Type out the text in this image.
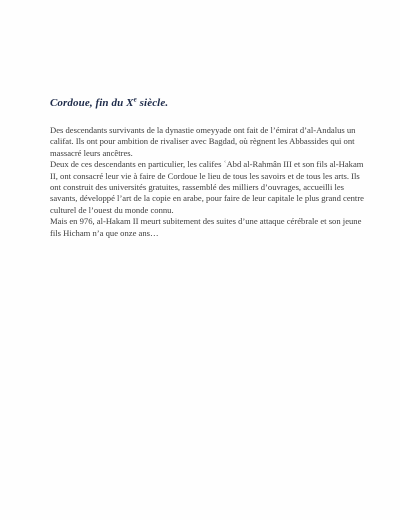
Cordoue, fin du Xe siècle.

Des descendants survivants de la dynastie omeyyade ont fait de l’émirat d’al-Andalus un califat. Ils ont pour ambition de rivaliser avec Bagdad, où règnent les Abbassides qui ont massacré leurs ancêtres.

Deux de ces descendants en particulier, les califes ʿAbd al-Rahmân III et son fils al-Hakam II, ont consacré leur vie à faire de Cordoue le lieu de tous les savoirs et de tous les arts. Ils ont construit des universités gratuites, rassemblé des milliers d’ouvrages, accueilli les savants, développé l’art de la copie en arabe, pour faire de leur capitale le plus grand centre culturel de l’ouest du monde connu.

Mais en 976, al-Hakam II meurt subitement des suites d’une attaque cérébrale et son jeune fils Hicham n’a que onze ans…
